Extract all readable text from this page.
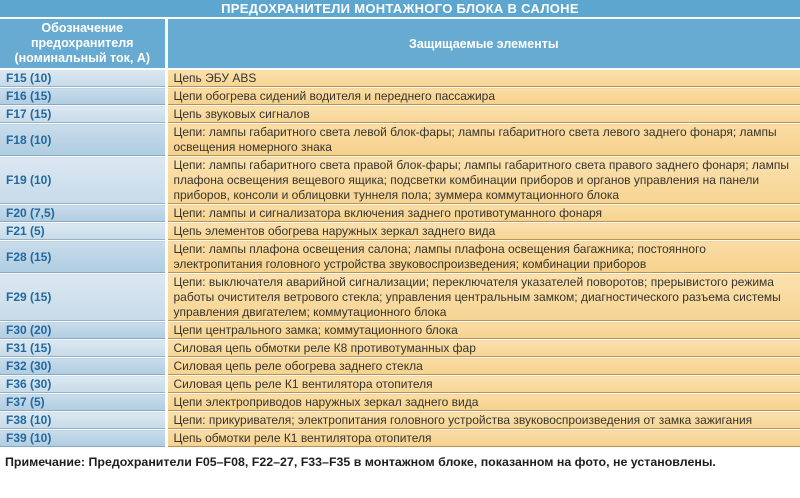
ПРЕДОХРАНИТЕЛИ МОНТАЖНОГО БЛОКА В САЛОНЕ
Обозначение предохранителя (номинальный ток, А)	Защищаемые элементы
F15 (10)	Цепь ЭБУ ABS
F16 (15)	Цепи обогрева сидений водителя и переднего пассажира
F17 (15)	Цепь звуковых сигналов
F18 (10)	Цепи: лампы габаритного света левой блок-фары; лампы габаритного света левого заднего фонаря; лампы освещения номерного знака
F19 (10)	Цепи: лампы габаритного света правой блок-фары; лампы габаритного света правого заднего фонаря; лампы плафона освещения вещевого ящика; подсветки комбинации приборов и органов управления на панели приборов, консоли и облицовки туннеля пола; зуммера коммутационного блока
F20 (7,5)	Цепи: лампы и сигнализатора включения заднего противотуманного фонаря
F21 (5)	Цепь элементов обогрева наружных зеркал заднего вида
F28 (15)	Цепи: лампы плафона освещения салона; лампы плафона освещения багажника; постоянного электропитания головного устройства звуковоспроизведения; комбинации приборов
F29 (15)	Цепи: выключателя аварийной сигнализации; переключателя указателей поворотов; прерывистого режима работы очистителя ветрового стекла; управления центральным замком; диагностического разъема системы управления двигателем; коммутационного блока
F30 (20)	Цепи центрального замка; коммутационного блока
F31 (15)	Силовая цепь обмотки реле К8 противотуманных фар
F32 (30)	Силовая цепь реле обогрева заднего стекла
F36 (30)	Силовая цепь реле К1 вентилятора отопителя
F37 (5)	Цепи электроприводов наружных зеркал заднего вида
F38 (10)	Цепи: прикуривателя; электропитания головного устройства звуковоспроизведения от замка зажигания
F39 (10)	Цепь обмотки реле К1 вентилятора отопителя
Примечание: Предохранители F05–F08, F22–27, F33–F35 в монтажном блоке, показанном на фото, не установлены.
